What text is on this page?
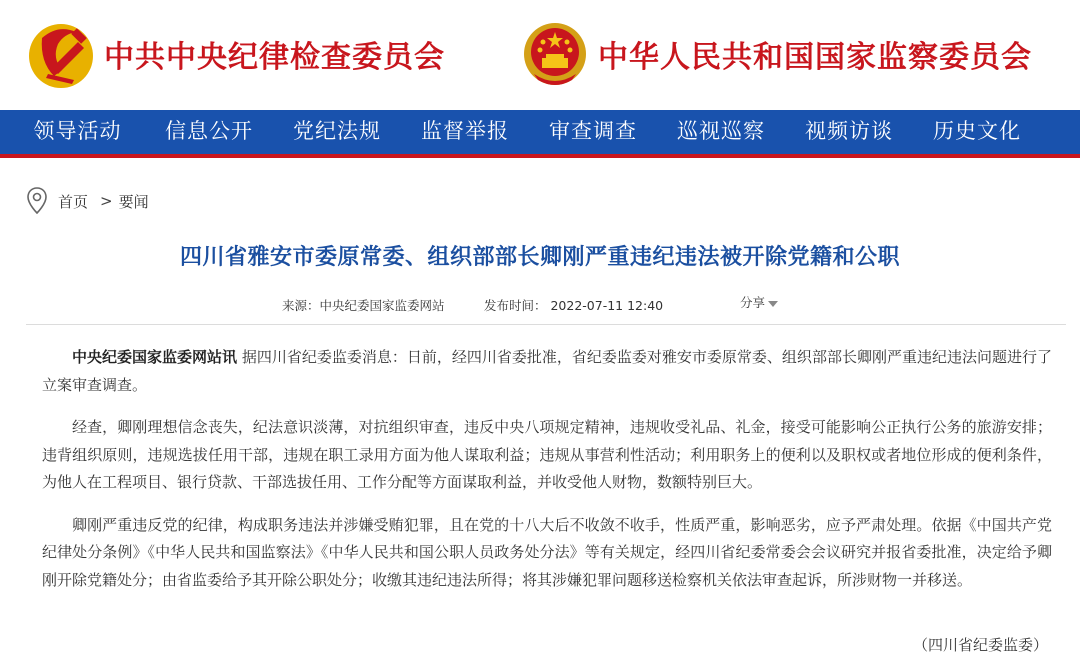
中共中央纪律检查委员会	中华人民共和国国家监察委员会
领导活动	信息公开	党纪法规	监督举报	审查调查	巡视巡察	视频访谈	历史文化
首页 > 要闻
四川省雅安市委原常委、组织部部长卿刚严重违纪违法被开除党籍和公职
来源：中央纪委国家监委网站	发布时间： 2022-07-11 12:40	分享

中央纪委国家监委网站讯 据四川省纪委监委消息：日前，经四川省委批准，省纪委监委对雅安市委原常委、组织部部长卿刚严重违纪违法问题进行了立案审查调查。

经查，卿刚理想信念丧失，纪法意识淡薄，对抗组织审查，违反中央八项规定精神，违规收受礼品、礼金，接受可能影响公正执行公务的旅游安排；违背组织原则，违规选拔任用干部，违规在职工录用方面为他人谋取利益；违规从事营利性活动；利用职务上的便利以及职权或者地位形成的便利条件，为他人在工程项目、银行贷款、干部选拔任用、工作分配等方面谋取利益，并收受他人财物，数额特别巨大。

卿刚严重违反党的纪律，构成职务违法并涉嫌受贿犯罪，且在党的十八大后不收敛不收手，性质严重，影响恶劣，应予严肃处理。依据《中国共产党纪律处分条例》《中华人民共和国监察法》《中华人民共和国公职人员政务处分法》等有关规定，经四川省纪委常委会会议研究并报省委批准，决定给予卿刚开除党籍处分；由省监委给予其开除公职处分；收缴其违纪违法所得；将其涉嫌犯罪问题移送检察机关依法审查起诉，所涉财物一并移送。

（四川省纪委监委）
